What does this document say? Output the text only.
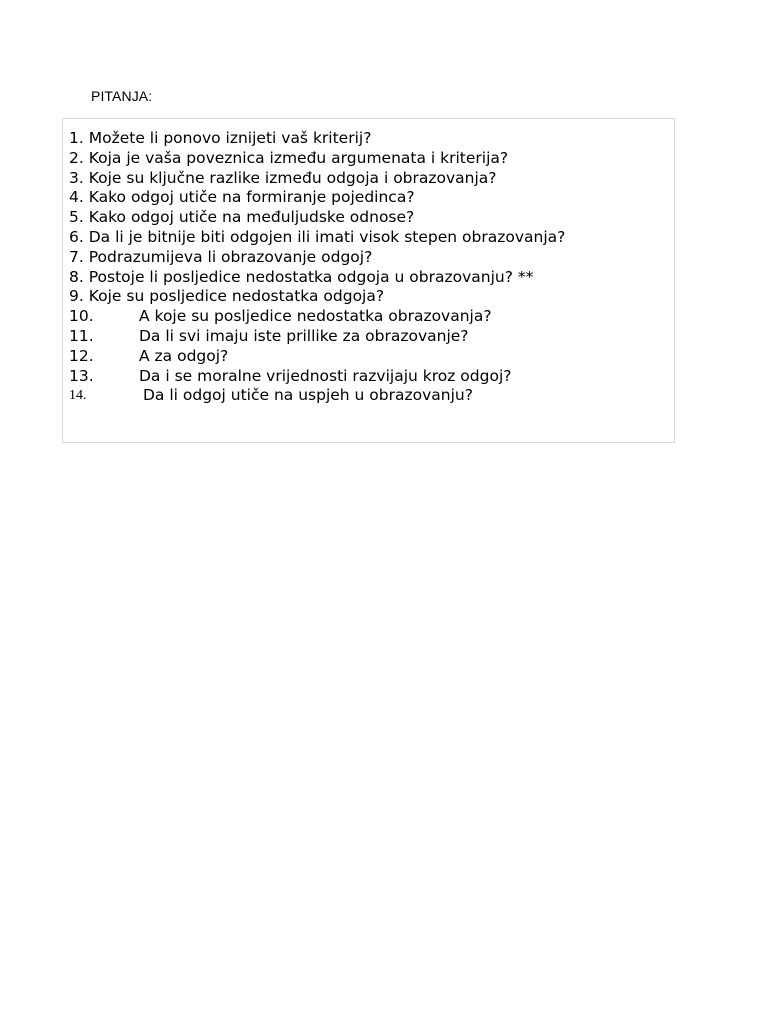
PITANJA:
1. Možete li ponovo iznijeti vaš kriterij?
2. Koja je vaša poveznica između argumenata i kriterija?
3. Koje su ključne razlike između odgoja i obrazovanja?
4. Kako odgoj utiče na formiranje pojedinca?
5. Kako odgoj utiče na međuljudske odnose?
6. Da li je bitnije biti odgojen ili imati visok stepen obrazovanja?
7. Podrazumijeva li obrazovanje odgoj?
8. Postoje li posljedice nedostatka odgoja u obrazovanju? **
9. Koje su posljedice nedostatka odgoja?
10.	A koje su posljedice nedostatka obrazovanja?
11.	Da li svi imaju iste prillike za obrazovanje?
12.	A za odgoj?
13.	Da i se moralne vrijednosti razvijaju kroz odgoj?
14.	Da li odgoj utiče na uspjeh u obrazovanju?
